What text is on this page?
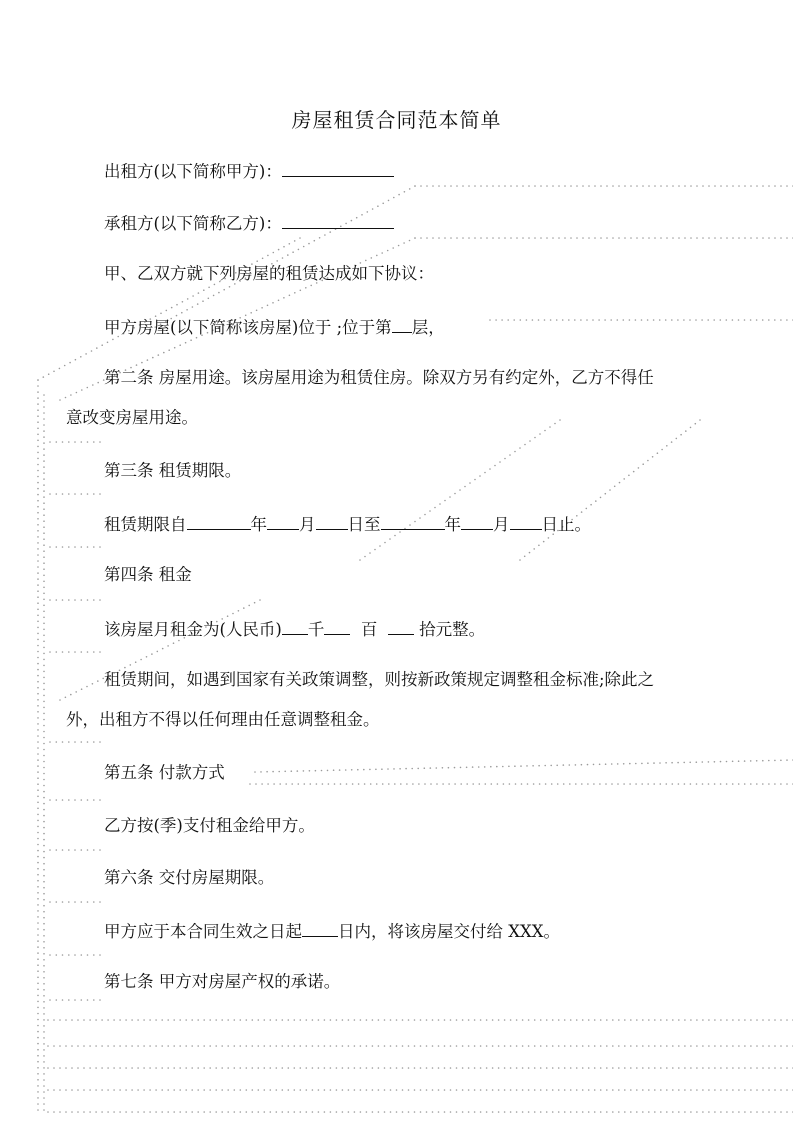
房屋租赁合同范本简单
出租方(以下简称甲方)：
承租方(以下简称乙方)：
甲、乙双方就下列房屋的租赁达成如下协议：
甲方房屋(以下简称该房屋)位于 ;位于第 层，
第二条 房屋用途。该房屋用途为租赁住房。除双方另有约定外，乙方不得任
意改变房屋用途。
第三条 租赁期限。
租赁期限自	年 月 日至	年 月 日止。
第四条 租金
该房屋月租金为(人民币) 千 百	拾元整。
租赁期间，如遇到国家有关政策调整，则按新政策规定调整租金标准;除此之
外，出租方不得以任何理由任意调整租金。
第五条 付款方式
乙方按(季)支付租金给甲方。
第六条 交付房屋期限。
甲方应于本合同生效之日起 日内，将该房屋交付给 XXX。
第七条 甲方对房屋产权的承诺。
